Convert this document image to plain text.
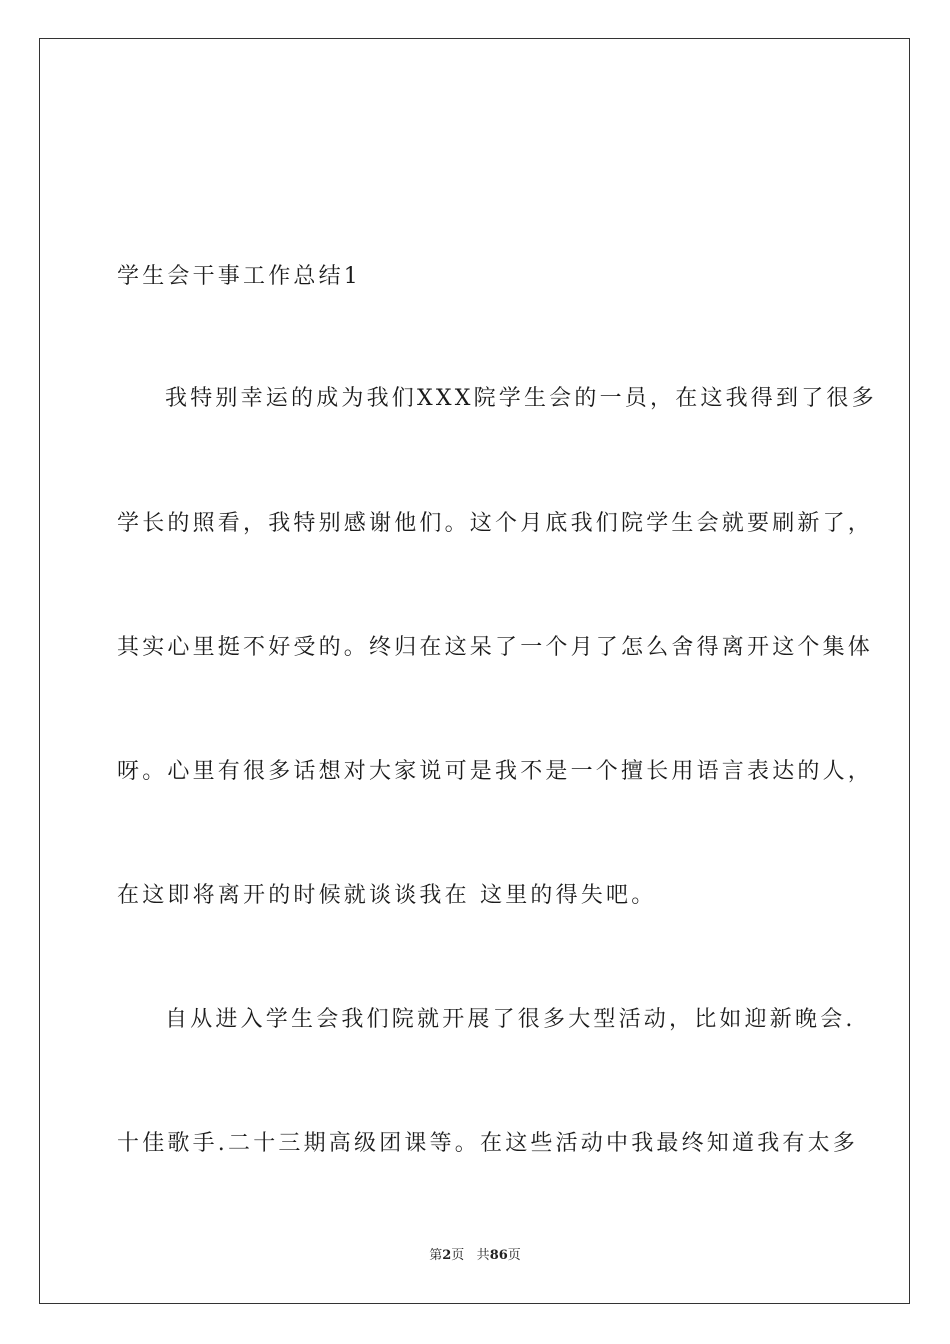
学生会干事工作总结1

我特别幸运的成为我们XXX院学生会的一员，在这我得到了很多

学长的照看，我特别感谢他们。这个月底我们院学生会就要刷新了，

其实心里挺不好受的。终归在这呆了一个月了怎么舍得离开这个集体

呀。心里有很多话想对大家说可是我不是一个擅长用语言表达的人，

在这即将离开的时候就谈谈我在 这里的得失吧。

自从进入学生会我们院就开展了很多大型活动，比如迎新晚会.

十佳歌手.二十三期高级团课等。在这些活动中我最终知道我有太多

第2页 共86页
